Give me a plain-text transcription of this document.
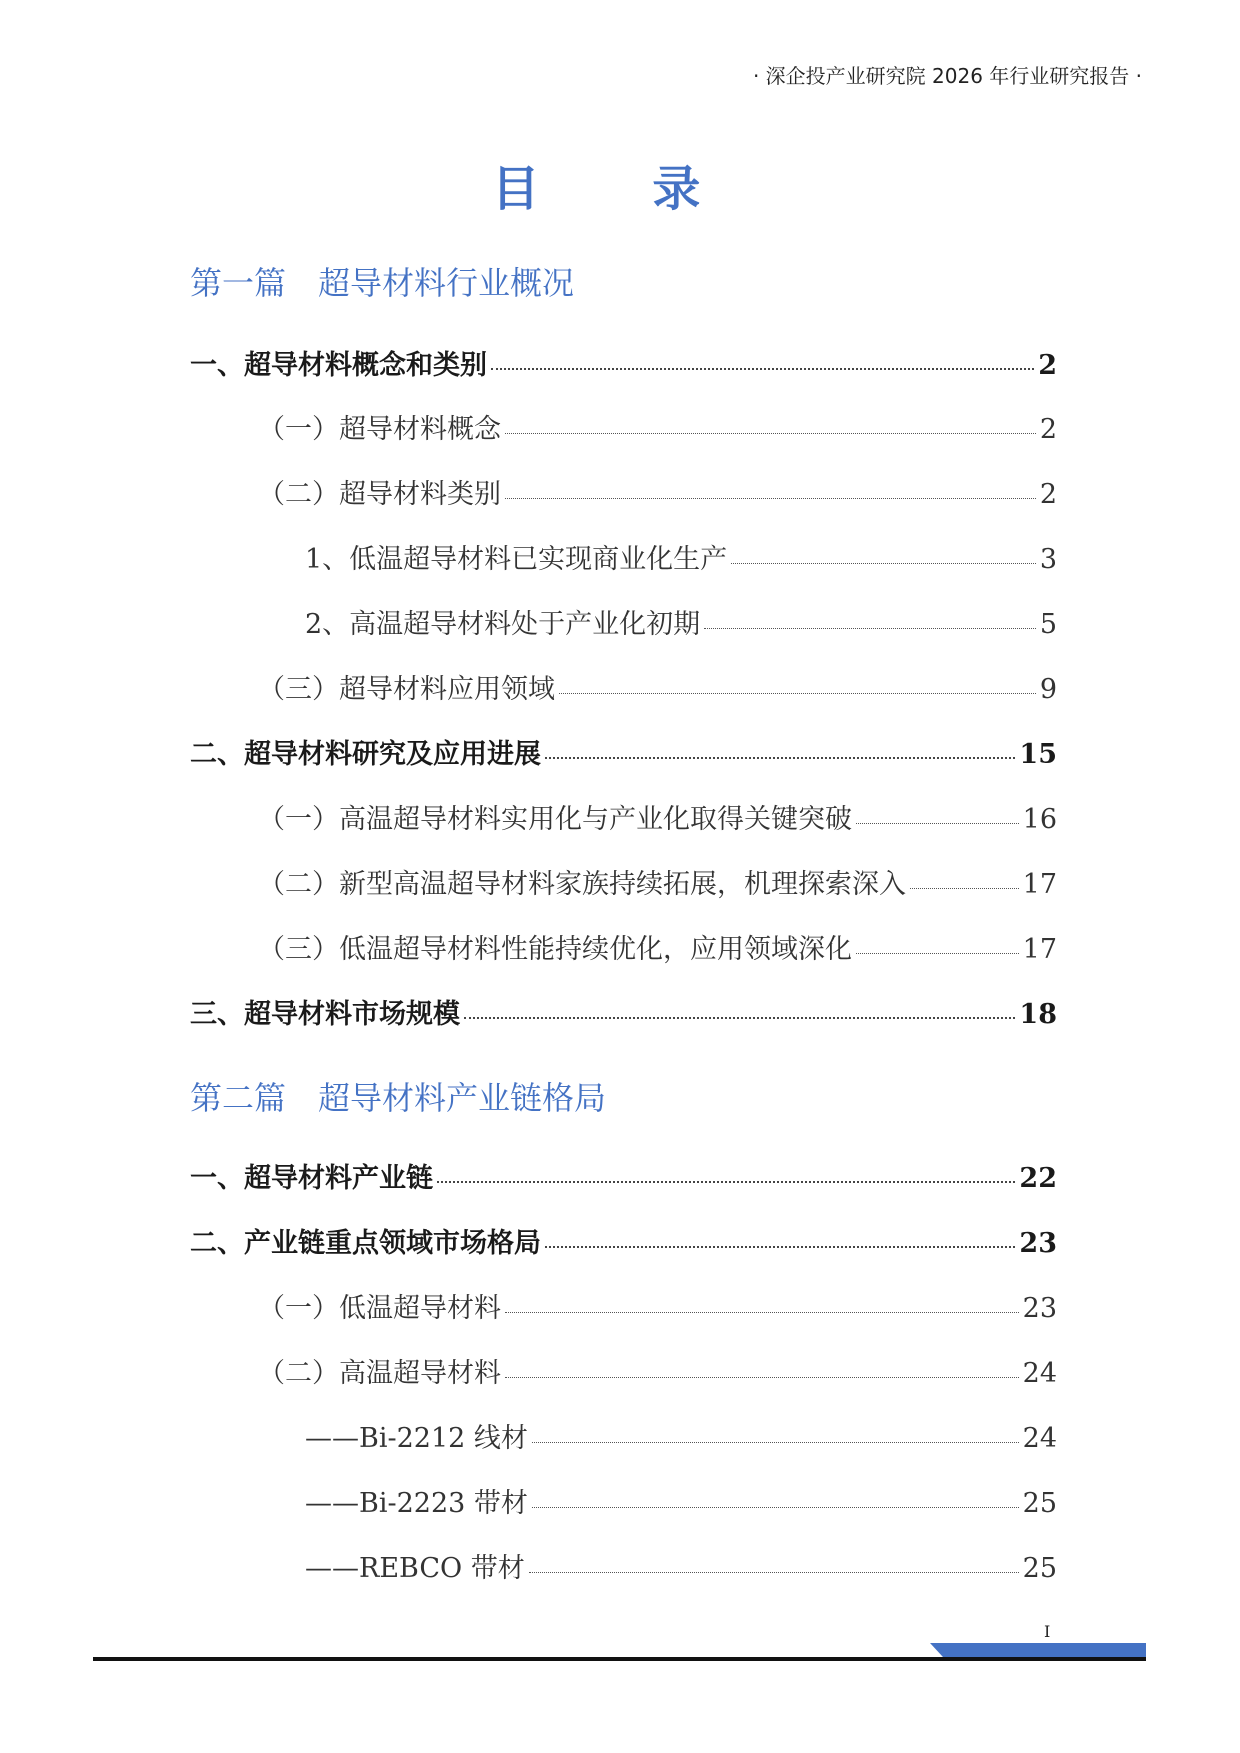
· 深企投产业研究院 2026 年行业研究报告 ·
目 录
第一篇　超导材料行业概况
一、超导材料概念和类别	2
（一）超导材料概念	2
（二）超导材料类别	2
1、低温超导材料已实现商业化生产	3
2、高温超导材料处于产业化初期	5
（三）超导材料应用领域	9
二、超导材料研究及应用进展	15
（一）高温超导材料实用化与产业化取得关键突破	16
（二）新型高温超导材料家族持续拓展，机理探索深入	17
（三）低温超导材料性能持续优化，应用领域深化	17
三、超导材料市场规模	18
第二篇　超导材料产业链格局
一、超导材料产业链	22
二、产业链重点领域市场格局	23
（一）低温超导材料	23
（二）高温超导材料	24
——Bi-2212 线材	24
——Bi-2223 带材	25
——REBCO 带材	25
I
